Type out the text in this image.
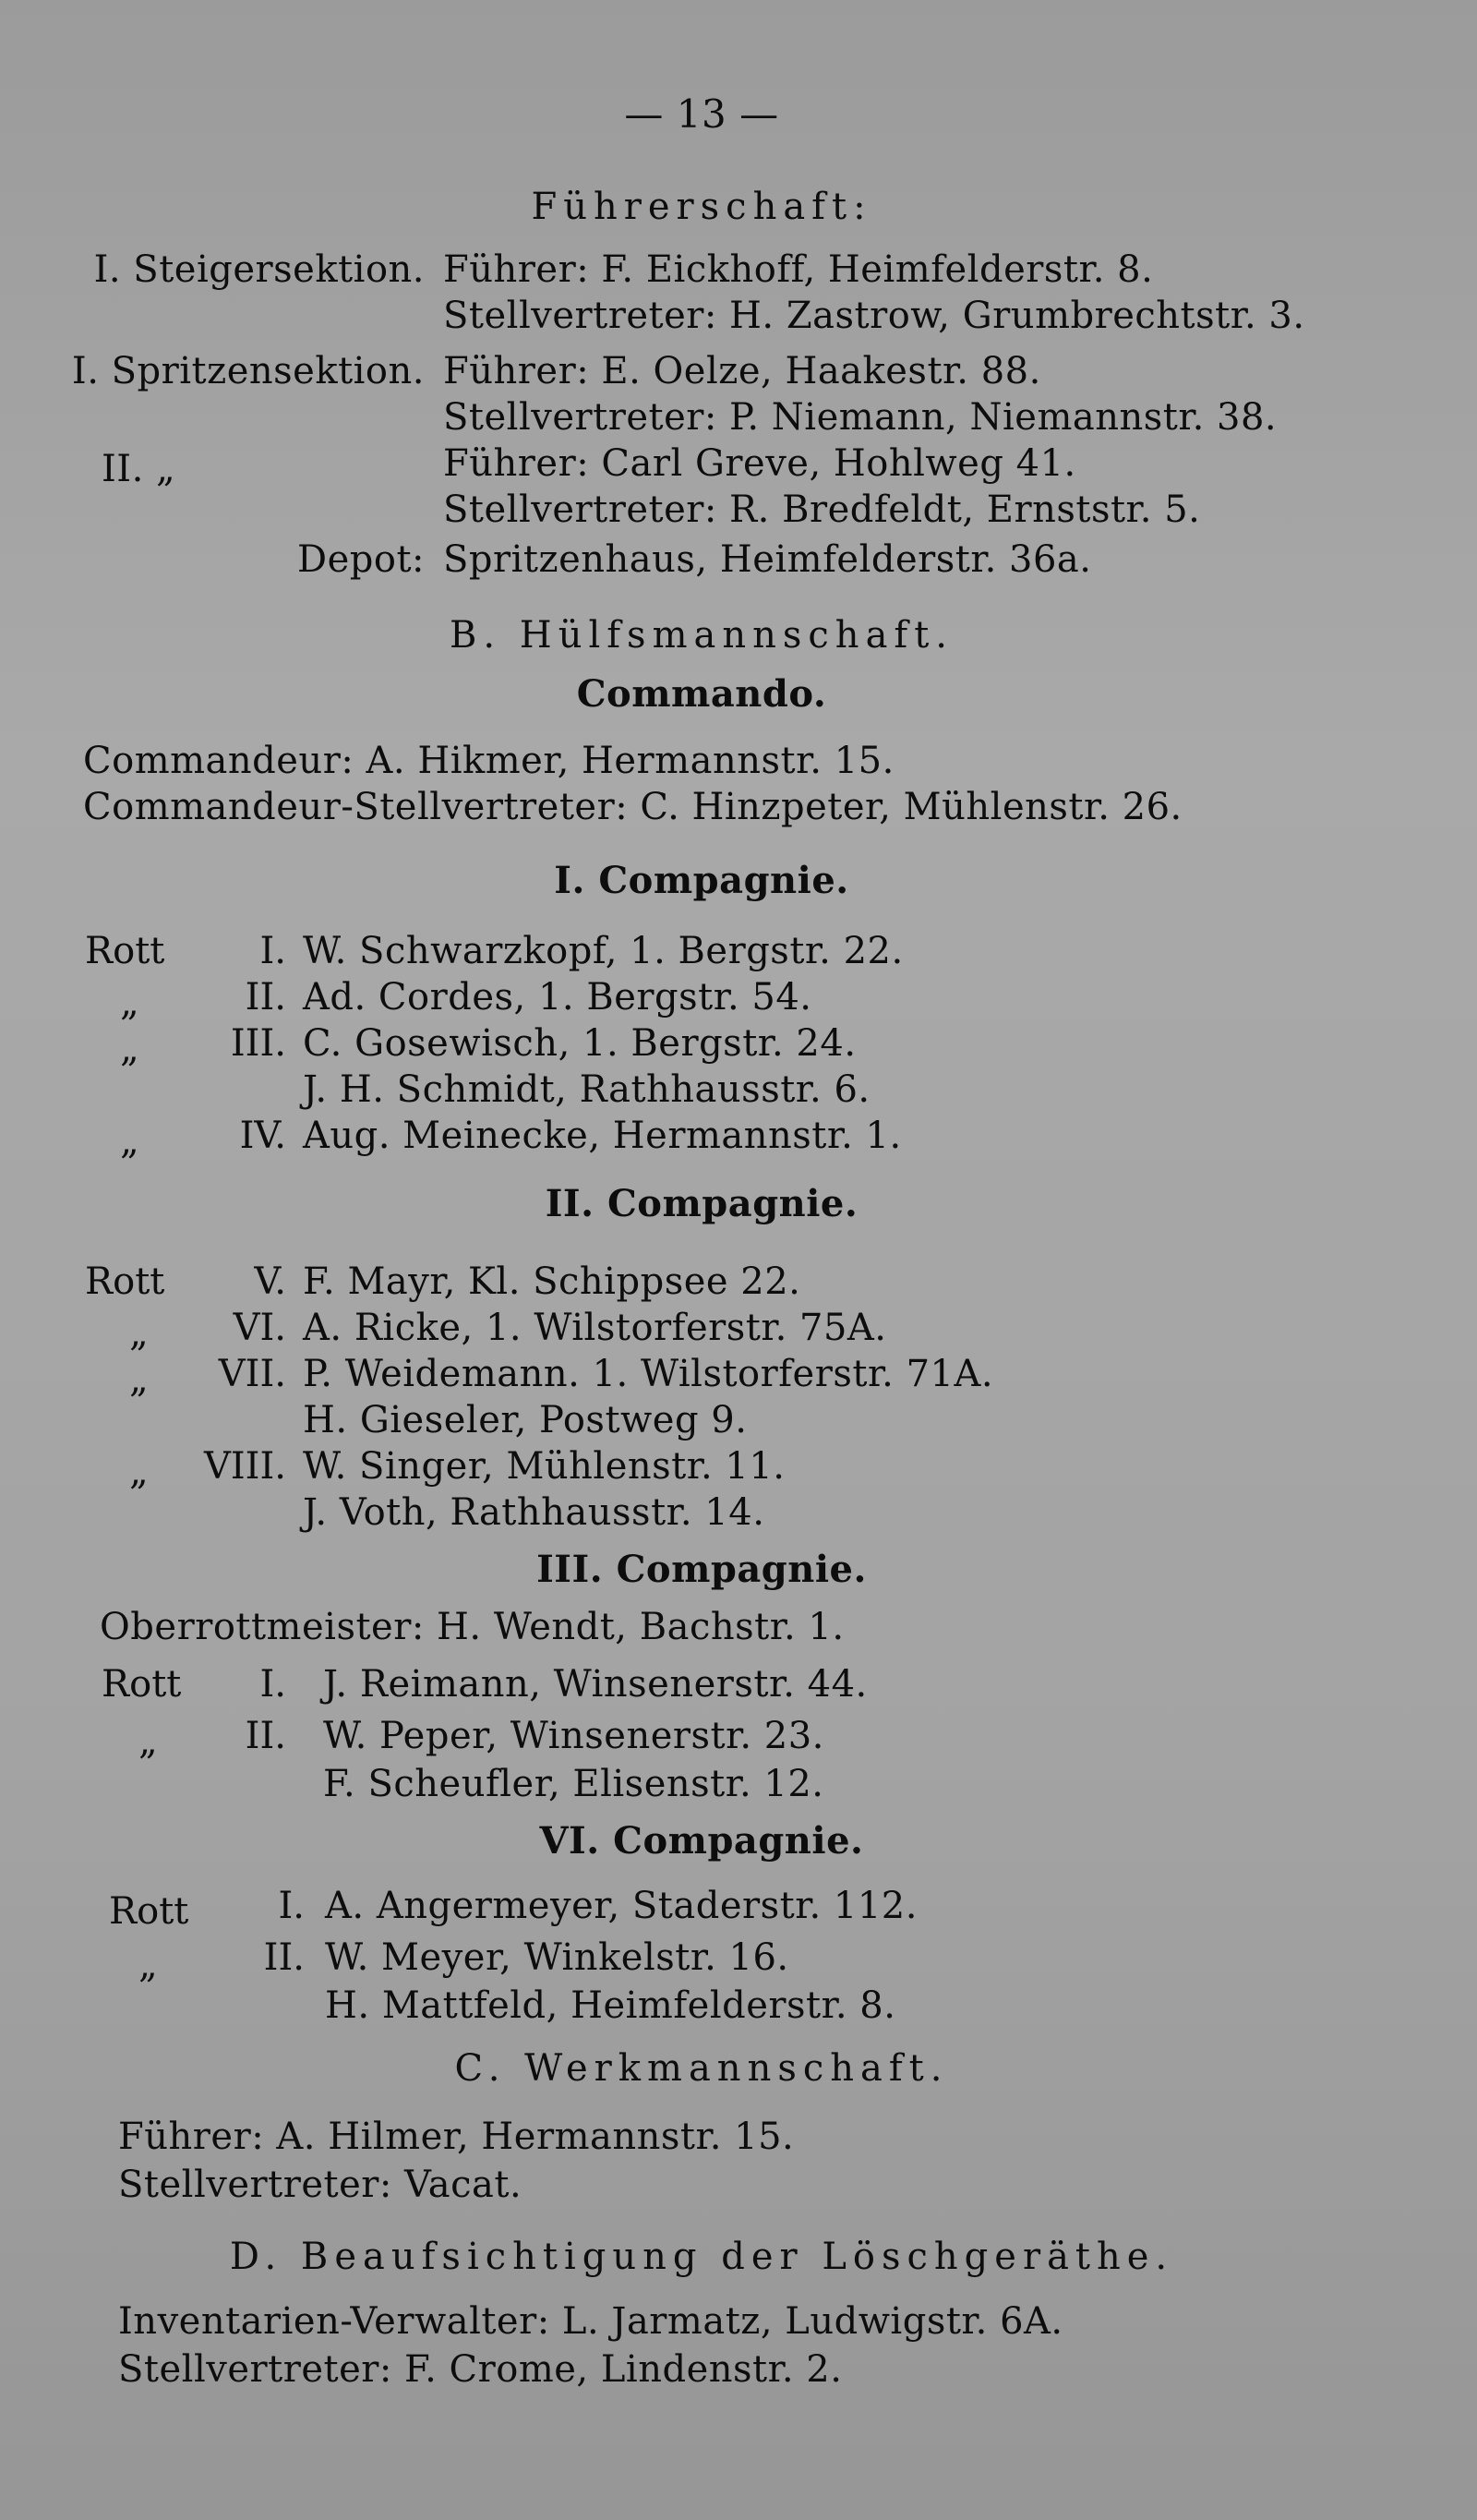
— 13 —
Führerschaft:
I. Steigersektion. Führer: F. Eickhoff, Heimfelderstr. 8.
Stellvertreter: H. Zastrow, Grumbrechtstr. 3.
I. Spritzensektion. Führer: E. Oelze, Haakestr. 88.
Stellvertreter: P. Niemann, Niemannstr. 38.
II. „	Führer: Carl Greve, Hohlweg 41.
Stellvertreter: R. Bredfeldt, Ernststr. 5.
Depot: Spritzenhaus, Heimfelderstr. 36a.
B. Hülfsmannschaft.
Commando.
Commandeur: A. Hikmer, Hermannstr. 15.
Commandeur-Stellvertreter: C. Hinzpeter, Mühlenstr. 26.
I. Compagnie.
Rott	I. W. Schwarzkopf, 1. Bergstr. 22.
„	II. Ad. Cordes, 1. Bergstr. 54.
„	III. C. Gosewisch, 1. Bergstr. 24.
J. H. Schmidt, Rathhausstr. 6.
„	IV. Aug. Meinecke, Hermannstr. 1.
II. Compagnie.
Rott	V. F. Mayr, Kl. Schippsee 22.
„	VI. A. Ricke, 1. Wilstorferstr. 75A.
„	VII. P. Weidemann. 1. Wilstorferstr. 71A.
H. Gieseler, Postweg 9.
„	VIII. W. Singer, Mühlenstr. 11.
J. Voth, Rathhausstr. 14.
III. Compagnie.
Oberrottmeister: H. Wendt, Bachstr. 1.
Rott	I. J. Reimann, Winsenerstr. 44.
„	II. W. Peper, Winsenerstr. 23.
F. Scheufler, Elisenstr. 12.
VI. Compagnie.
Rott	I. A. Angermeyer, Staderstr. 112.
„	II. W. Meyer, Winkelstr. 16.
H. Mattfeld, Heimfelderstr. 8.
C. Werkmannschaft.
Führer: A. Hilmer, Hermannstr. 15.
Stellvertreter: Vacat.
D. Beaufsichtigung der Löschgeräthe.
Inventarien-Verwalter: L. Jarmatz, Ludwigstr. 6A.
Stellvertreter: F. Crome, Lindenstr. 2.
